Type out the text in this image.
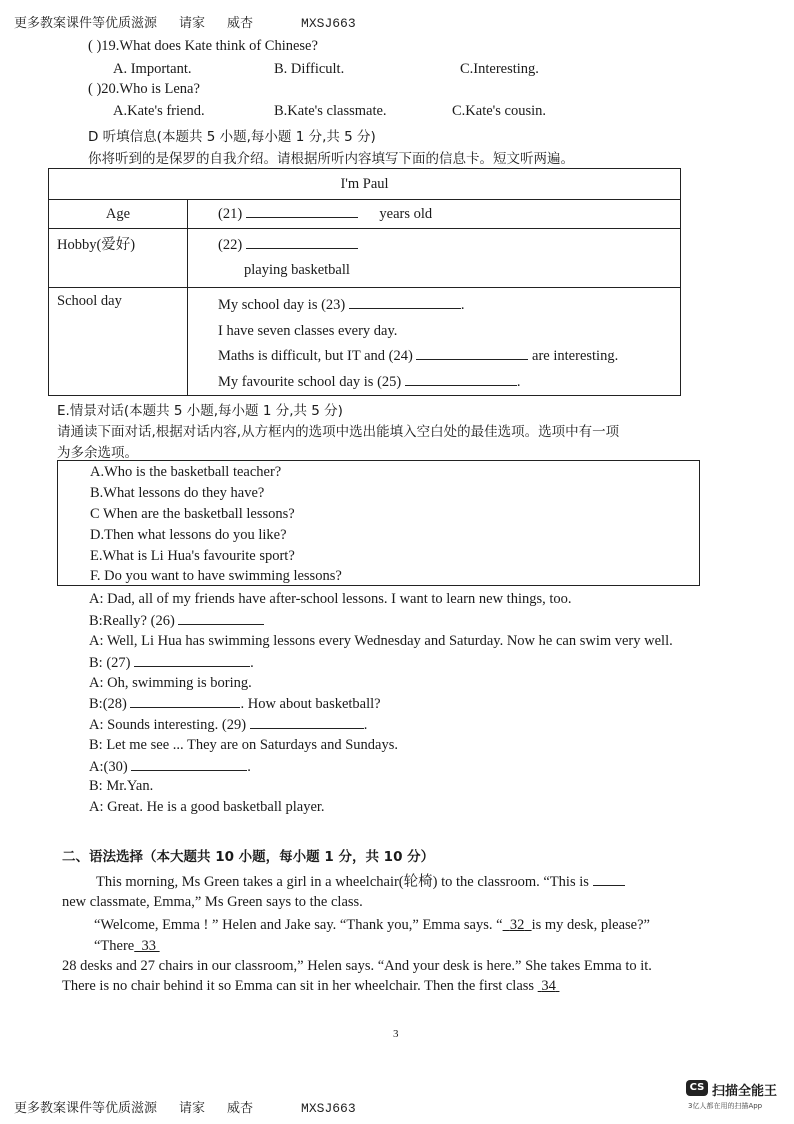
更多教案课件等优质滋源 请家 威杏	MXSJ663
( )19.What does Kate think of Chinese?
A. Important.	B. Difficult.	C.Interesting.
( )20.Who is Lena?
A.Kate's friend.	B.Kate's classmate.	C.Kate's cousin.
D 听填信息(本题共 5 小题,每小题 1 分,共 5 分)
你将听到的是保罗的自我介绍。请根据所听内容填写下面的信息卡。短文听两遍。
I'm Paul	
Age	(21) years old
Hobby(爱好)	(22)
playing basketball
School day	My school day is (23) .
I have seven classes every day.
Maths is difficult, but IT and (24) are interesting.
My favourite school day is (25) .
E.情景对话(本题共 5 小题,每小题 1 分,共 5 分)
请通读下面对话,根据对话内容,从方框内的选项中选出能填入空白处的最佳选项。选项中有一项
为多余选项。
A.Who is the basketball teacher?
B.What lessons do they have?
C When are the basketball lessons?
D.Then what lessons do you like?
E.What is Li Hua's favourite sport?
F. Do you want to have swimming lessons?
A: Dad, all of my friends have after-school lessons. I want to learn new things, too.
B:Really? (26)
A: Well, Li Hua has swimming lessons every Wednesday and Saturday. Now he can swim very well.
B: (27)	.
A: Oh, swimming is boring.
B:(28)	. How about basketball?
A: Sounds interesting. (29)	.
B: Let me see ... They are on Saturdays and Sundays.
A:(30)	.
B: Mr.Yan.
A: Great. He is a good basketball player.
二、语法选择（本大题共 10 小题，每小题 1 分，共 10 分）
This morning, Ms Green takes a girl in a wheelchair(轮椅) to the classroom. “This is
new classmate, Emma,” Ms Green says to the class.
“Welcome, Emma ! ” Helen and Jake say. “Thank you,” Emma says. “ 32 is my desk, please?”
“There 33
28 desks and 27 chairs in our classroom,” Helen says. “And your desk is here.” She takes Emma to it.
There is no chair behind it so Emma can sit in her wheelchair. Then the first class 34
3
更多教案课件等优质滋源 请家 威杏	MXSJ663
CS 扫描全能王
3亿人都在用的扫描App
